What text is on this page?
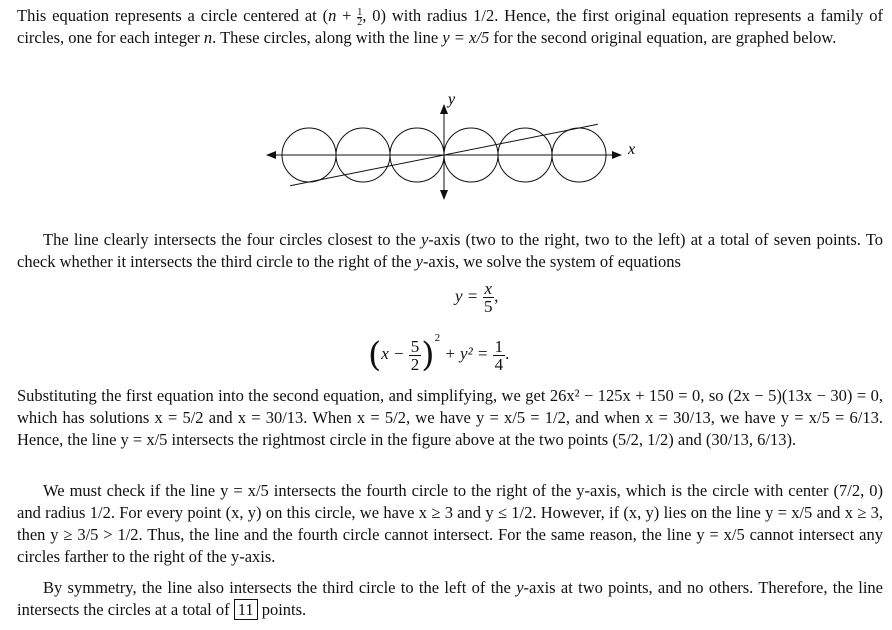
This equation represents a circle centered at ($n + \frac{1}{2}$ , 0) with radius 1/2. Hence, the first original equation represents a family of circles, one for each integer n. These circles, along with the line y = x/5 for the second original equation, are graphed below.

x
y

The line clearly intersects the four circles closest to the y-axis (two to the right, two to the left) at a total of seven points. To check whether it intersects the third circle to the right of the y-axis, we solve the system of equations

$y = \frac{x}{5}$ ,
$(x - \frac{5}{2} )^2 + y^2 = \frac{1}{4}$ .

Substituting the first equation into the second equation, and simplifying, we get 26x² − 125x + 150 = 0, so (2x − 5)(13x − 30) = 0, which has solutions x = 5/2 and x = 30/13. When x = 5/2, we have y = x/5 = 1/2, and when x = 30/13, we have y = x/5 = 6/13. Hence, the line y = x/5 intersects the rightmost circle in the figure above at the two points (5/2, 1/2) and (30/13, 6/13).

We must check if the line y = x/5 intersects the fourth circle to the right of the y-axis, which is the circle with center (7/2, 0) and radius 1/2. For every point (x, y) on this circle, we have x ≥ 3 and y ≤ 1/2. However, if (x, y) lies on the line y = x/5 and x ≥ 3, then y ≥ 3/5 > 1/2. Thus, the line and the fourth circle cannot intersect. For the same reason, the line y = x/5 cannot intersect any circles farther to the right of the y-axis.

By symmetry, the line also intersects the third circle to the left of the y-axis at two points, and no others. Therefore, the line intersects the circles at a total of 11 points.
